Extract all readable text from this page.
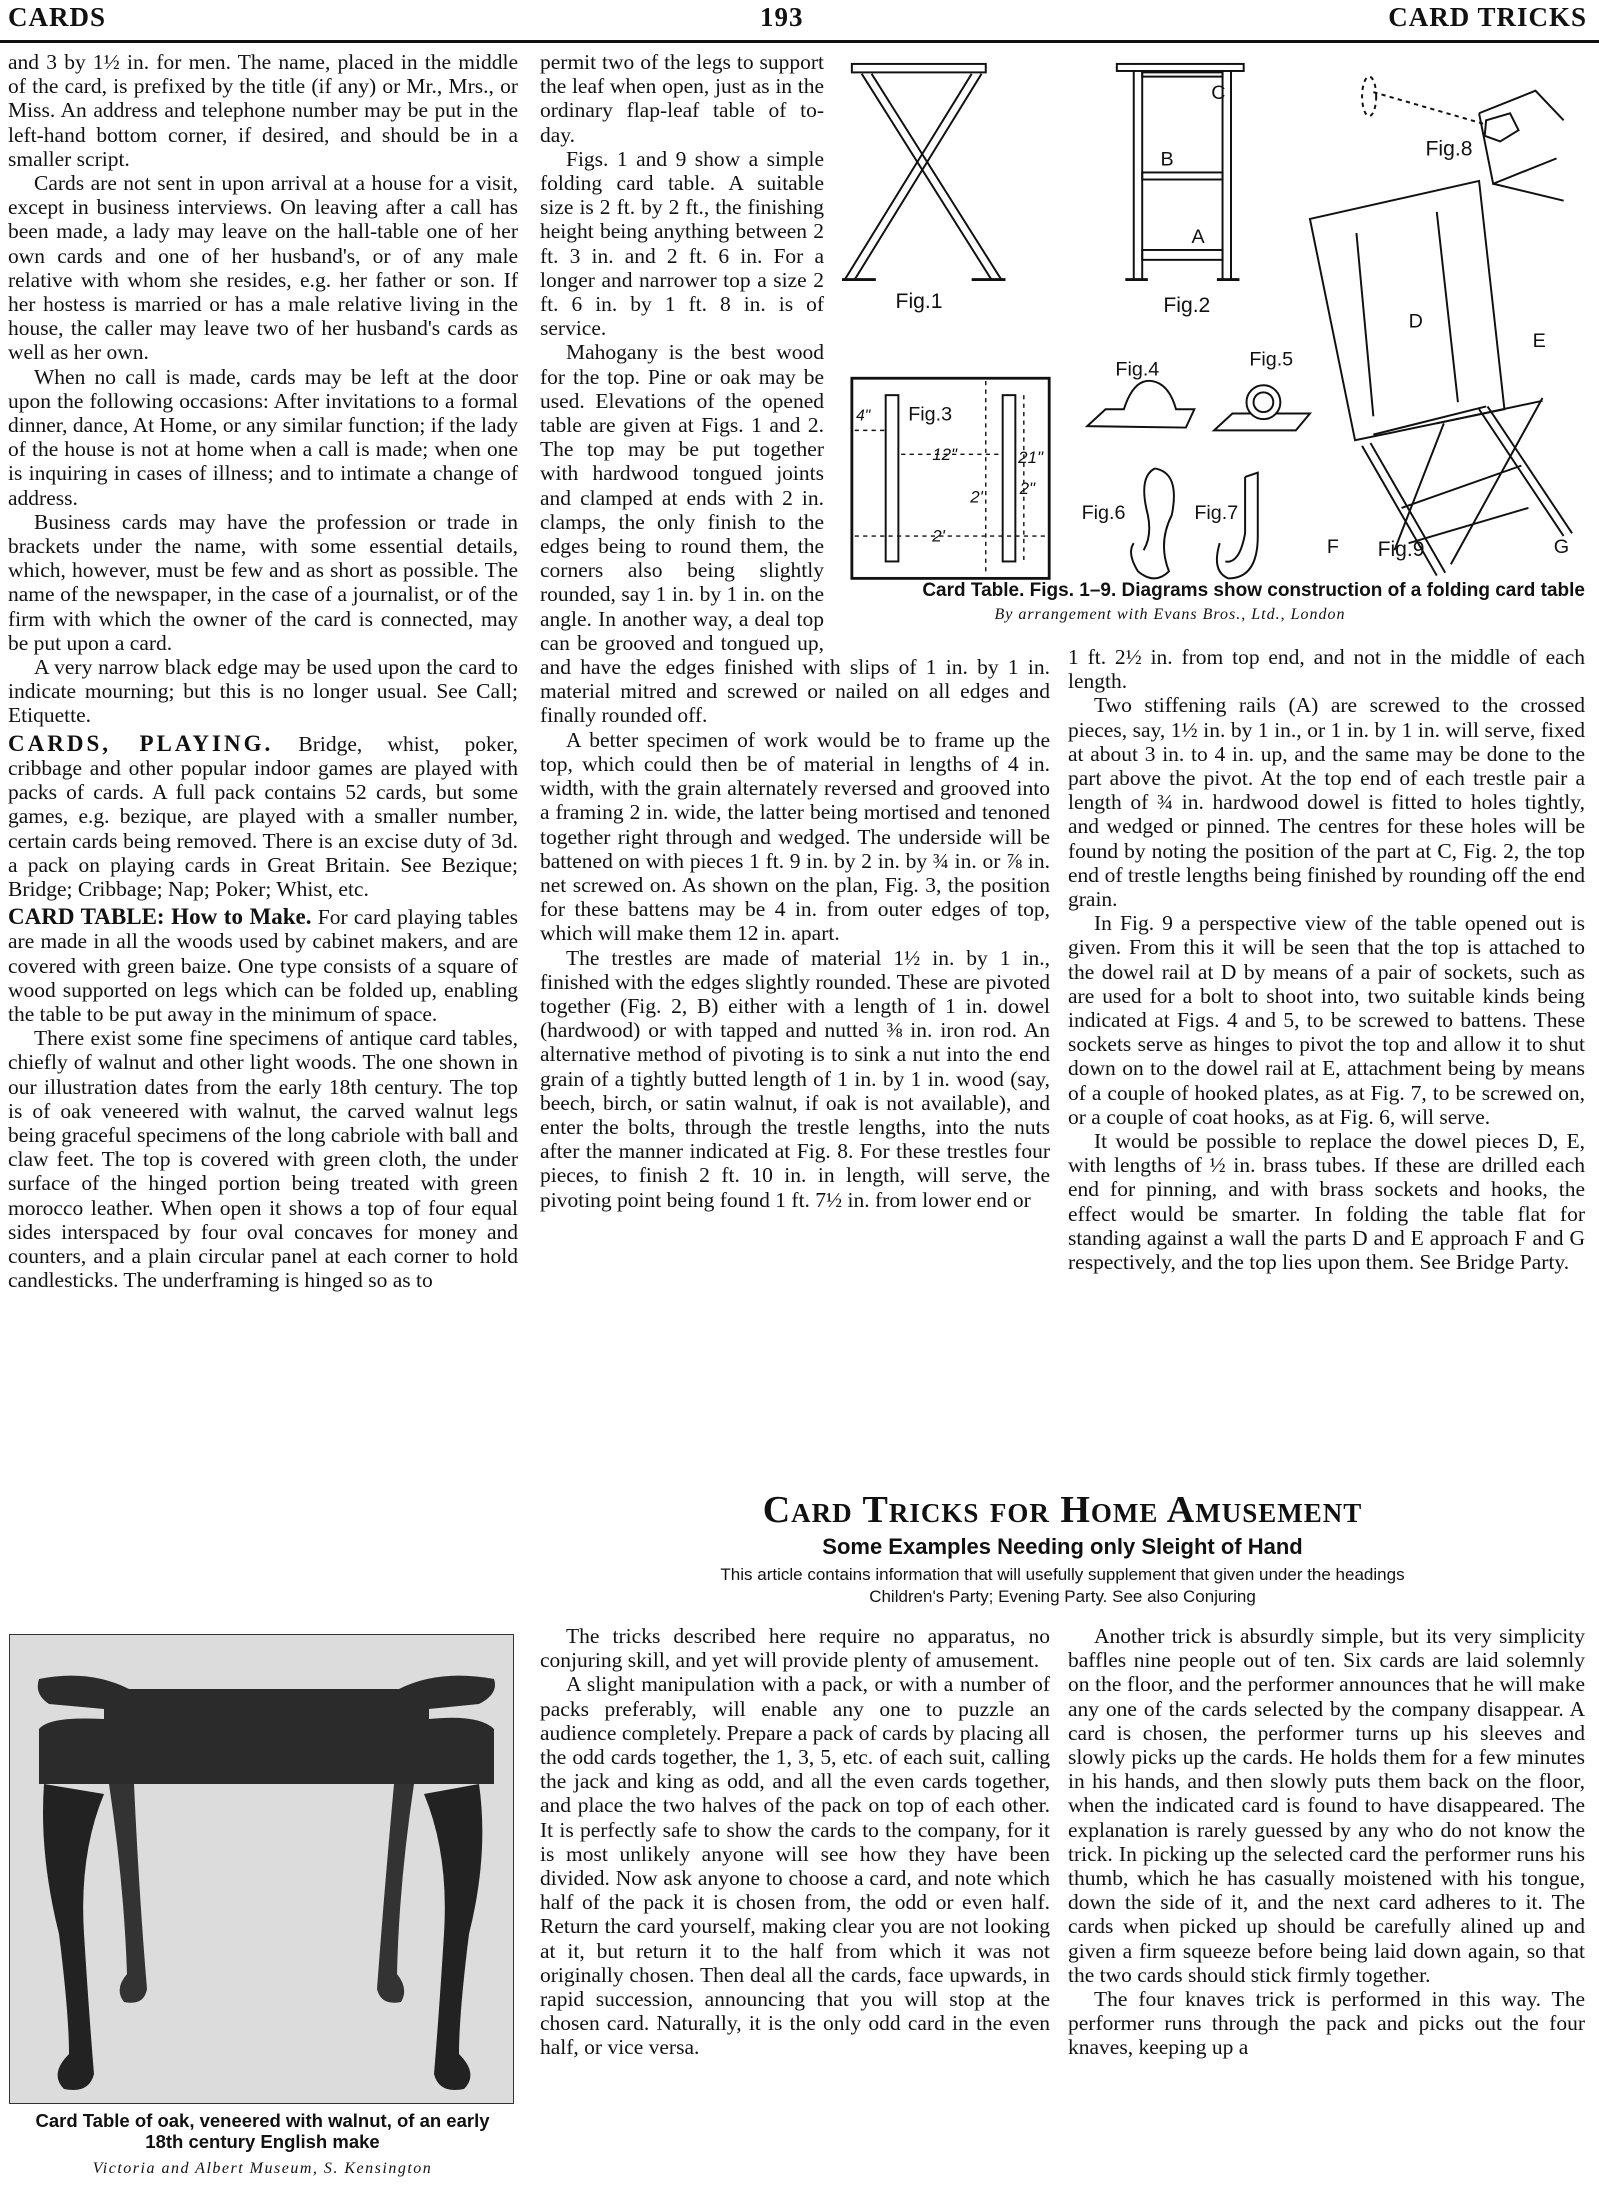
CARDS	193	CARD TRICKS

and 3 by 1½ in. for men. The name, placed in the middle of the card, is prefixed by the title (if any) or Mr., Mrs., or Miss. An address and telephone number may be put in the left-hand bottom corner, if desired, and should be in a smaller script.

Cards are not sent in upon arrival at a house for a visit, except in business interviews. On leaving after a call has been made, a lady may leave on the hall-table one of her own cards and one of her husband's, or of any male relative with whom she resides, e.g. her father or son. If her hostess is married or has a male relative living in the house, the caller may leave two of her husband's cards as well as her own.

When no call is made, cards may be left at the door upon the following occasions: After invitations to a formal dinner, dance, At Home, or any similar function; if the lady of the house is not at home when a call is made; when one is inquiring in cases of illness; and to intimate a change of address.

Business cards may have the profession or trade in brackets under the name, with some essential details, which, however, must be few and as short as possible. The name of the newspaper, in the case of a journalist, or of the firm with which the owner of the card is connected, may be put upon a card.

A very narrow black edge may be used upon the card to indicate mourning; but this is no longer usual. See Call; Etiquette.

CARDS, PLAYING. Bridge, whist, poker, cribbage and other popular indoor games are played with packs of cards. A full pack contains 52 cards, but some games, e.g. bezique, are played with a smaller number, certain cards being removed. There is an excise duty of 3d. a pack on playing cards in Great Britain. See Bezique; Bridge; Cribbage; Nap; Poker; Whist, etc.

CARD TABLE: How to Make. For card playing tables are made in all the woods used by cabinet makers, and are covered with green baize. One type consists of a square of wood supported on legs which can be folded up, enabling the table to be put away in the minimum of space.

There exist some fine specimens of antique card tables, chiefly of walnut and other light woods. The one shown in our illustration dates from the early 18th century. The top is of oak veneered with walnut, the carved walnut legs being graceful specimens of the long cabriole with ball and claw feet. The top is covered with green cloth, the under surface of the hinged portion being treated with green morocco leather. When open it shows a top of four equal sides interspaced by four oval concaves for money and counters, and a plain circular panel at each corner to hold candlesticks. The underframing is hinged so as to

permit two of the legs to support the leaf when open, just as in the ordinary flap-leaf table of to-day.

Figs. 1 and 9 show a simple folding card table. A suitable size is 2 ft. by 2 ft., the finishing height being anything between 2 ft. 3 in. and 2 ft. 6 in. For a longer and narrower top a size 2 ft. 6 in. by 1 ft. 8 in. is of service.

Mahogany is the best wood for the top. Pine or oak may be used. Elevations of the opened table are given at Figs. 1 and 2. The top may be put together with hardwood tongued joints and clamped at ends with 2 in. clamps, the only finish to the edges being to round them, the corners also being slightly rounded, say 1 in. by 1 in. on the angle. In another way, a deal top can be grooved and tongued up, and have the edges finished with slips of 1 in. by 1 in. material mitred and screwed or nailed on all edges and finally rounded off.

A better specimen of work would be to frame up the top, which could then be of material in lengths of 4 in. width, with the grain alternately reversed and grooved into a framing 2 in. wide, the latter being mortised and tenoned together right through and wedged. The underside will be battened on with pieces 1 ft. 9 in. by 2 in. by ¾ in. or ⅞ in. net screwed on. As shown on the plan, Fig. 3, the position for these battens may be 4 in. from outer edges of top, which will make them 12 in. apart.

The trestles are made of material 1½ in. by 1 in., finished with the edges slightly rounded. These are pivoted together (Fig. 2, B) either with a length of 1 in. dowel (hardwood) or with tapped and nutted ⅜ in. iron rod. An alternative method of pivoting is to sink a nut into the end grain of a tightly butted length of 1 in. by 1 in. wood (say, beech, birch, or satin walnut, if oak is not available), and enter the bolts, through the trestle lengths, into the nuts after the manner indicated at Fig. 8. For these trestles four pieces, to finish 2 ft. 10 in. in length, will serve, the pivoting point being found 1 ft. 7½ in. from lower end or

1 ft. 2½ in. from top end, and not in the middle of each length.

Two stiffening rails (A) are screwed to the crossed pieces, say, 1½ in. by 1 in., or 1 in. by 1 in. will serve, fixed at about 3 in. to 4 in. up, and the same may be done to the part above the pivot. At the top end of each trestle pair a length of ¾ in. hardwood dowel is fitted to holes tightly, and wedged or pinned. The centres for these holes will be found by noting the position of the part at C, Fig. 2, the top end of trestle lengths being finished by rounding off the end grain.

In Fig. 9 a perspective view of the table opened out is given. From this it will be seen that the top is attached to the dowel rail at D by means of a pair of sockets, such as are used for a bolt to shoot into, two suitable kinds being indicated at Figs. 4 and 5, to be screwed to battens. These sockets serve as hinges to pivot the top and allow it to shut down on to the dowel rail at E, attachment being by means of a couple of hooked plates, as at Fig. 7, to be screwed on, or a couple of coat hooks, as at Fig. 6, will serve.

It would be possible to replace the dowel pieces D, E, with lengths of ½ in. brass tubes. If these are drilled each end for pinning, and with brass sockets and hooks, the effect would be smarter. In folding the table flat for standing against a wall the parts D and E approach F and G respectively, and the top lies upon them. See Bridge Party.

Fig.1
C
B
A
Fig.2
Fig.8
D
E
F	Fig.9	G
Fig.3
4"
12"
2'
21"
2"
2'
Fig.4	Fig.5
Fig.6	Fig.7
Card Table. Figs. 1–9. Diagrams show construction of a folding card table
By arrangement with Evans Bros., Ltd., London
Card Tricks for Home Amusement
Some Examples Needing only Sleight of Hand
This article contains information that will usefully supplement that given under the headings
Children's Party; Evening Party. See also Conjuring

The tricks described here require no apparatus, no conjuring skill, and yet will provide plenty of amusement.

A slight manipulation with a pack, or with a number of packs preferably, will enable any one to puzzle an audience completely. Prepare a pack of cards by placing all the odd cards together, the 1, 3, 5, etc. of each suit, calling the jack and king as odd, and all the even cards together, and place the two halves of the pack on top of each other. It is perfectly safe to show the cards to the company, for it is most unlikely anyone will see how they have been divided. Now ask anyone to choose a card, and note which half of the pack it is chosen from, the odd or even half. Return the card yourself, making clear you are not looking at it, but return it to the half from which it was not originally chosen. Then deal all the cards, face upwards, in rapid succession, announcing that you will stop at the chosen card. Naturally, it is the only odd card in the even half, or vice versa.

Another trick is absurdly simple, but its very simplicity baffles nine people out of ten. Six cards are laid solemnly on the floor, and the performer announces that he will make any one of the cards selected by the company disappear. A card is chosen, the performer turns up his sleeves and slowly picks up the cards. He holds them for a few minutes in his hands, and then slowly puts them back on the floor, when the indicated card is found to have disappeared. The explanation is rarely guessed by any who do not know the trick. In picking up the selected card the performer runs his thumb, which he has casually moistened with his tongue, down the side of it, and the next card adheres to it. The cards when picked up should be carefully alined up and given a firm squeeze before being laid down again, so that the two cards should stick firmly together.

The four knaves trick is performed in this way. The performer runs through the pack and picks out the four knaves, keeping up a

Card Table of oak, veneered with walnut, of an early
18th century English make
Victoria and Albert Museum, S. Kensington
